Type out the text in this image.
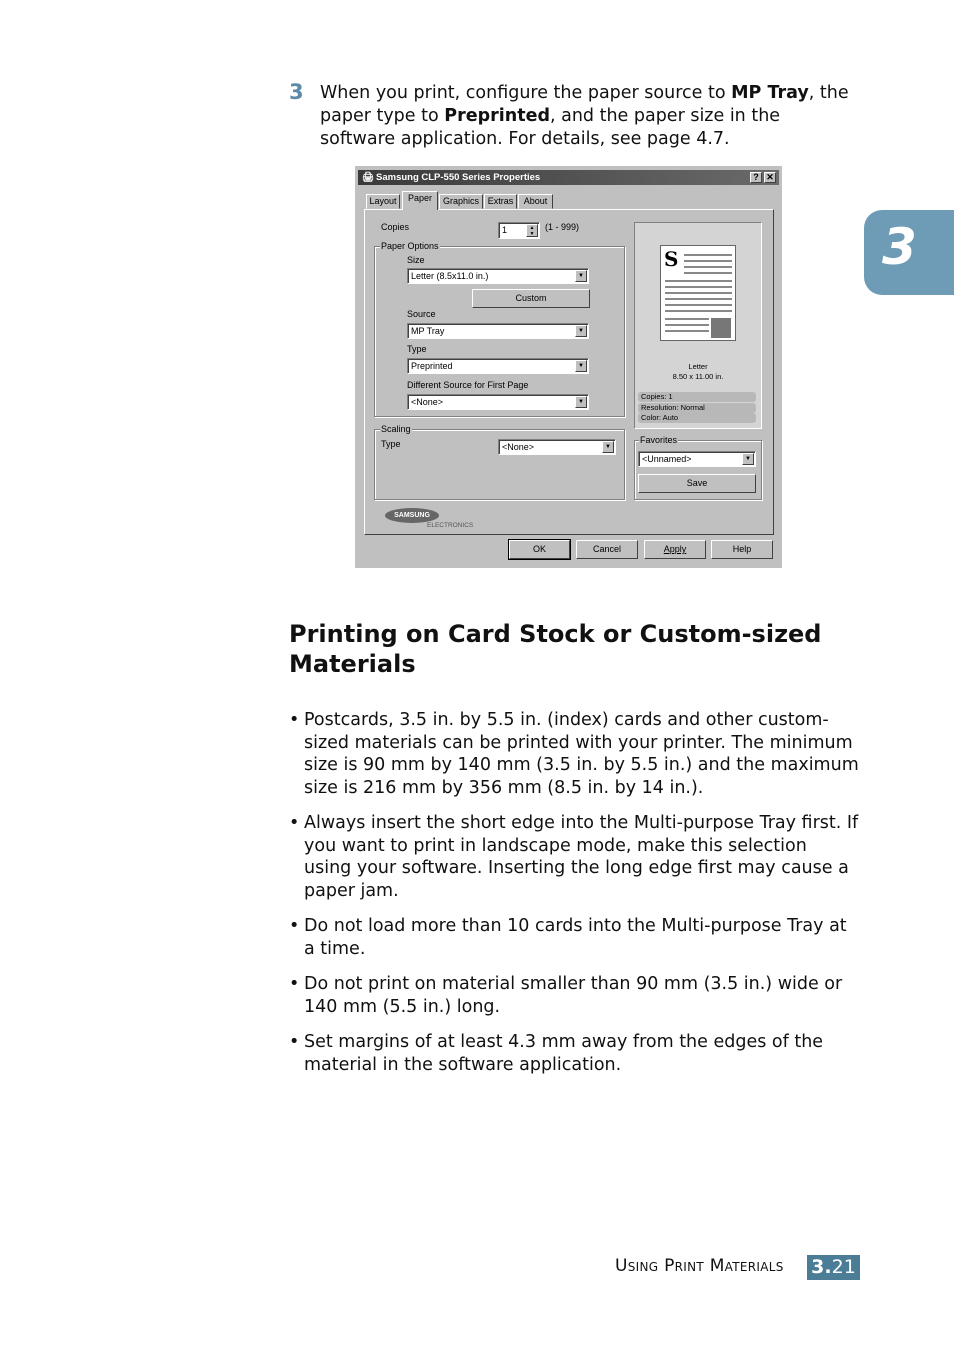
3 When you print, configure the paper source to MP Tray, the paper type to Preprinted, and the paper size in the software application. For details, see page 4.7.
3
🖨 Samsung CLP-550 Series Properties	? ✕
Layout	Paper	Graphics Extras	About
Copies	1	▲
▼
(1 - 999)
Paper Options
Size
Letter (8.5x11.0 in.)	▼
Custom
Source
MP Tray	▼
Type
Preprinted	▼
Different Source for First Page
<None>	▼
Scaling
Type	<None>	▼
S
Letter
8.50 x 11.00 in.
Copies: 1
Resolution: Normal
Color: Auto
Favorites
<Unnamed>	▼
Save
SAMSUNG
ELECTRONICS
OK	Cancel	Apply	Help
Printing on Card Stock or Custom-sized Materials
• Postcards, 3.5 in. by 5.5 in. (index) cards and other custom-sized materials can be printed with your printer. The minimum size is 90 mm by 140 mm (3.5 in. by 5.5 in.) and the maximum size is 216 mm by 356 mm (8.5 in. by 14 in.).
• Always insert the short edge into the Multi-purpose Tray first. If you want to print in landscape mode, make this selection using your software. Inserting the long edge first may cause a paper jam.
• Do not load more than 10 cards into the Multi-purpose Tray at a time.
• Do not print on material smaller than 90 mm (3.5 in.) wide or 140 mm (5.5 in.) long.
• Set margins of at least 4.3 mm away from the edges of the material in the software application.
Using Print Materials 3.21
